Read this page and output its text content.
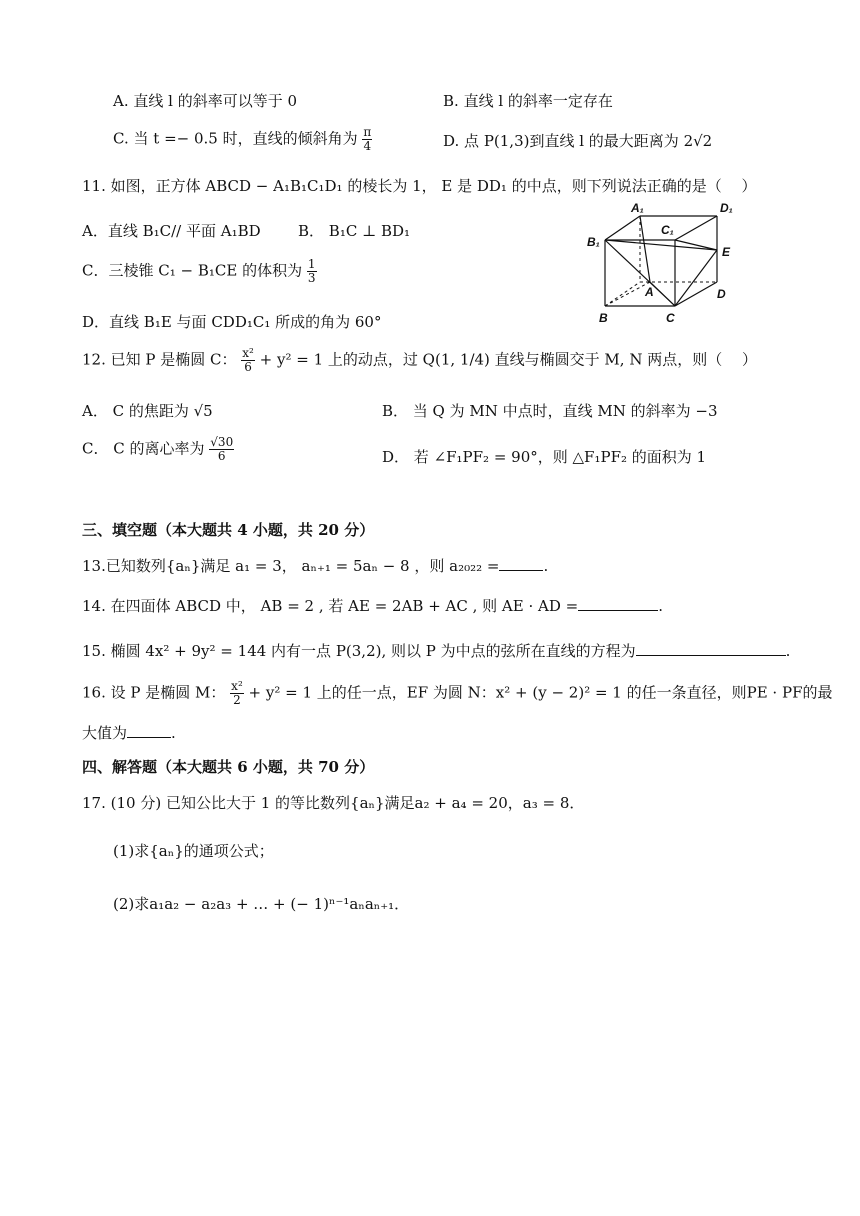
A. 直线 l 的斜率可以等于 0	B. 直线 l 的斜率一定存在
C. 当 t =− 0.5 时，直线的倾斜角为 $\frac{\pi}{4}$	D. 点 P(1,3)到直线 l 的最大距离为 2√2
11. 如图，正方体 ABCD − A₁B₁C₁D₁ 的棱长为 1， E 是 DD₁ 的中点，则下列说法正确的是（　 ）
A．直线 B₁C// 平面 A₁BD B． B₁C ⊥ BD₁
C．三棱锥 C₁ − B₁CE 的体积为 $\frac{1}{3}$
D．直线 B₁E 与面 CDD₁C₁ 所成的角为 60°
A₁	D₁
C₁
B₁
E
A	D
B	C
12. 已知 P 是椭圆 C： $\frac{\text{x²}}{6} + y^2 = 1$ 上的动点，过 Q(1, 1/4) 直线与椭圆交于 M, N 两点，则（　 ）
A． C 的焦距为 √5	B． 当 Q 为 MN 中点时，直线 MN 的斜率为 −3
C． C 的离心率为 $\frac{√30}{6}$	D． 若 ∠F₁PF₂ = 90°，则 △F₁PF₂ 的面积为 1
三、填空题（本大题共 4 小题，共 20 分）
13.已知数列{aₙ}满足 a₁ = 3， aₙ₊₁ = 5aₙ − 8 ，则 a₂₀₂₂ =	.
14. 在四面体 ABCD 中， AB = 2 , 若 AE = 2AB + AC , 则 AE · AD =	.
15. 椭圆 4x² + 9y² = 144 内有一点 P(3,2), 则以 P 为中点的弦所在直线的方程为	.
16. 设 P 是椭圆 M： $\frac{\text{x²}}{2} + y^2 = 1$ 上的任一点，EF 为圆 N：x² + (y − 2)² = 1 的任一条直径，则PE · PF的最
大值为	.
四、解答题（本大题共 6 小题，共 70 分）
17. (10 分) 已知公比大于 1 的等比数列{aₙ}满足a₂ + a₄ = 20，a₃ = 8．
(1)求{aₙ}的通项公式；
(2)求a₁a₂ − a₂a₃ + … + (− 1)ⁿ⁻¹aₙaₙ₊₁．
